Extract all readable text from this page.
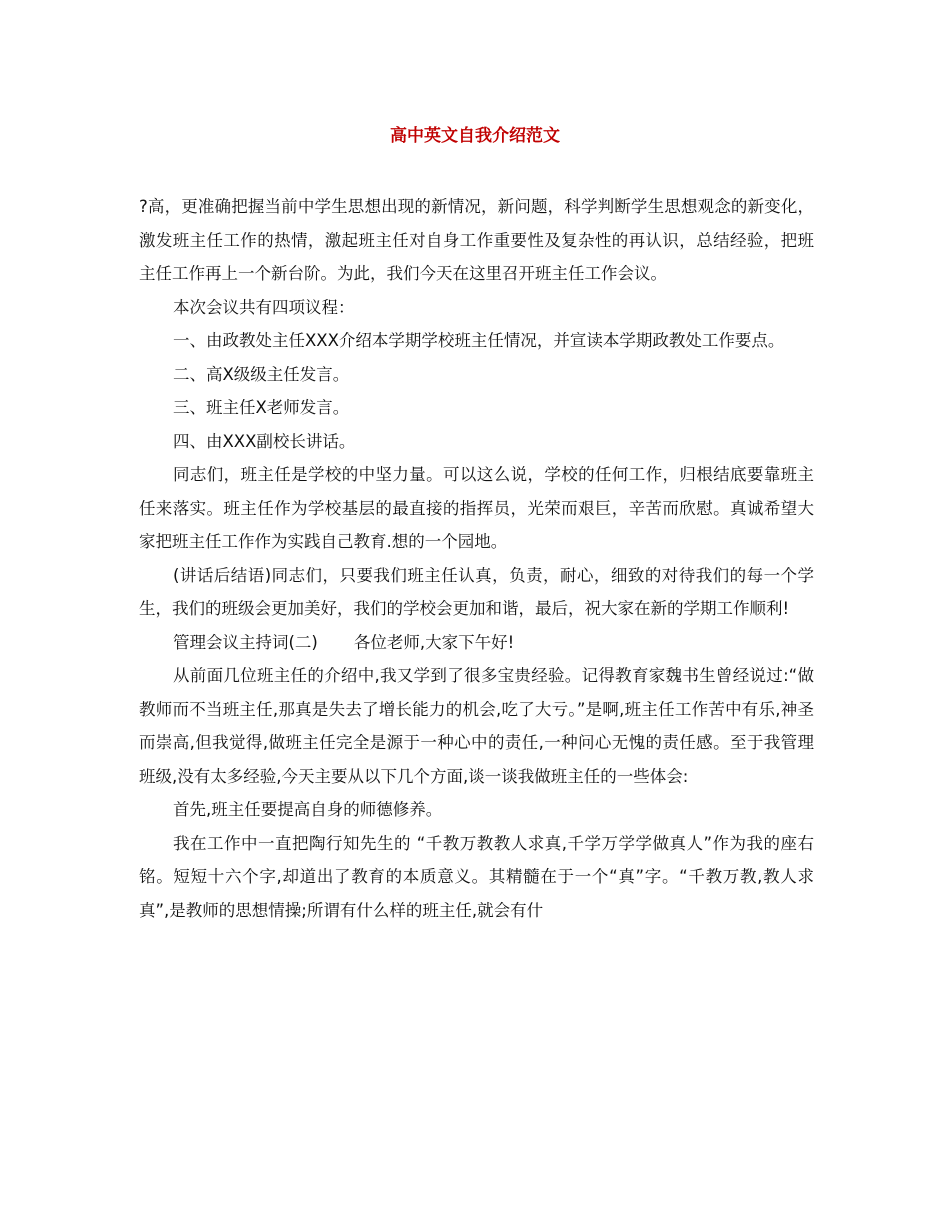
高中英文自我介绍范文

?高，更准确把握当前中学生思想出现的新情况，新问题，科学判断学生思想观念的新变化，激发班主任工作的热情，激起班主任对自身工作重要性及复杂性的再认识，总结经验，把班主任工作再上一个新台阶。为此，我们今天在这里召开班主任工作会议。

本次会议共有四项议程：

一、由政教处主任XXX介绍本学期学校班主任情况，并宣读本学期政教处工作要点。

二、高X级级主任发言。

三、班主任X老师发言。

四、由XXX副校长讲话。

同志们，班主任是学校的中坚力量。可以这么说，学校的任何工作，归根结底要靠班主任来落实。班主任作为学校基层的最直接的指挥员，光荣而艰巨，辛苦而欣慰。真诚希望大家把班主任工作作为实践自己教育.想的一个园地。

(讲话后结语)同志们，只要我们班主任认真，负责，耐心，细致的对待我们的每一个学生，我们的班级会更加美好，我们的学校会更加和谐，最后，祝大家在新的学期工作顺利!

管理会议主持词(二) 各位老师,大家下午好!

从前面几位班主任的介绍中,我又学到了很多宝贵经验。记得教育家魏书生曾经说过:“做教师而不当班主任,那真是失去了增长能力的机会,吃了大亏。”是啊,班主任工作苦中有乐,神圣而崇高,但我觉得,做班主任完全是源于一种心中的责任,一种问心无愧的责任感。至于我管理班级,没有太多经验,今天主要从以下几个方面,谈一谈我做班主任的一些体会:

首先,班主任要提高自身的师德修养。

我在工作中一直把陶行知先生的 “千教万教教人求真,千学万学学做真人”作为我的座右铭。短短十六个字,却道出了教育的本质意义。其精髓在于一个“真”字。“千教万教,教人求真”,是教师的思想情操;所谓有什么样的班主任,就会有什
